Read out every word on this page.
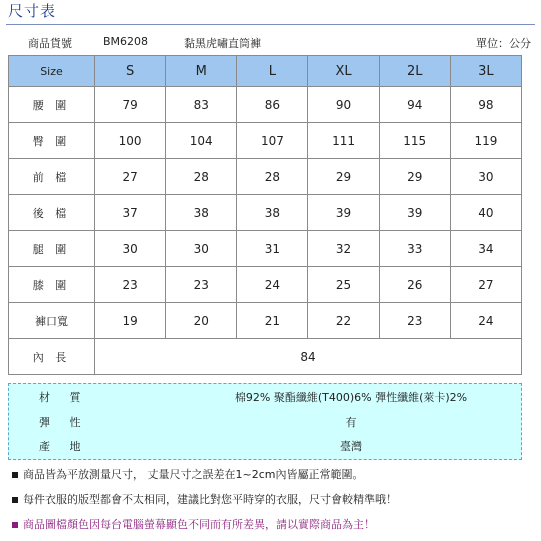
尺寸表
商品貨號	BM6208	黏黑虎嘯直筒褲	單位：公分
Size	S	M	L	XL	2L	3L
腰 圍	79	83	86	90	94	98
臀 圍	100	104	107	111	115	119
前 檔	27	28	28	29	29	30
後 檔	37	38	38	39	39	40
腿 圍	30	30	31	32	33	34
膝 圍	23	23	24	25	26	27
褲口寬	19	20	21	22	23	24
內 長	84					
材 質	棉92% 聚酯纖維(T400)6% 彈性纖維(萊卡)2%
彈 性	有
產 地	臺灣
商品皆為平放測量尺寸， 丈量尺寸之誤差在1~2cm內皆屬正常範圍。
每件衣服的版型都會不太相同，建議比對您平時穿的衣服，尺寸會較精準哦！
商品圖檔顏色因每台電腦螢幕顯色不同而有所差異，請以實際商品為主！
